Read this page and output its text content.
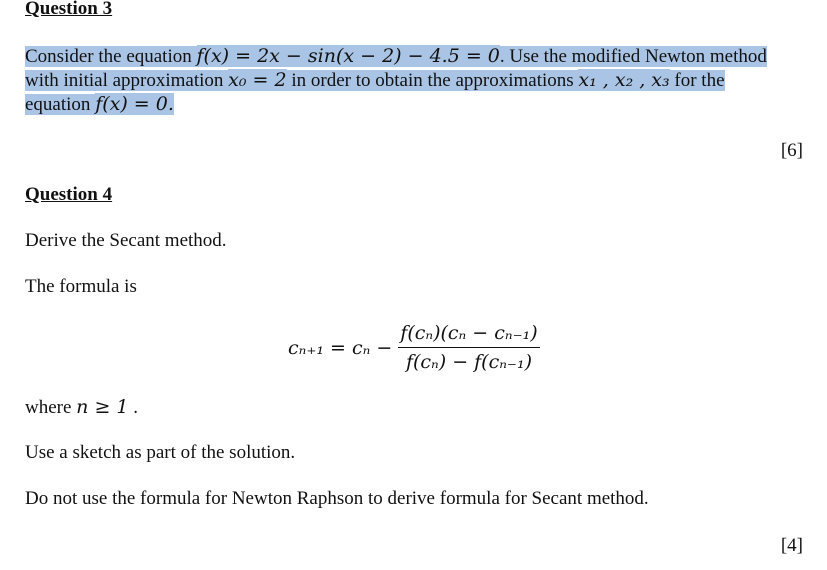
Question 3
Consider the equation f(x) = 2x − sin(x − 2) − 4.5 = 0. Use the modified Newton method
with initial approximation x₀ = 2 in order to obtain the approximations x₁ , x₂ , x₃ for the
equation f(x) = 0.
[6]
Question 4
Derive the Secant method.
The formula is
$c_{n+1} = c_n - \frac{\text{f(cₙ)(cₙ − cₙ₋₁)}}{\text{f(cₙ) − f(cₙ₋₁)}}$
where n ≥ 1 .
Use a sketch as part of the solution.
Do not use the formula for Newton Raphson to derive formula for Secant method.
[4]
